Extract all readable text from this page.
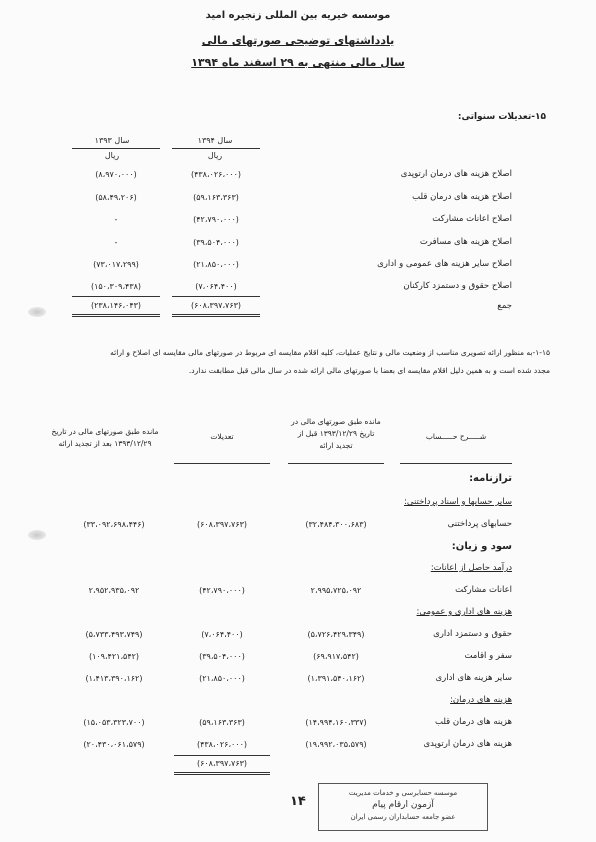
موسسه خیریه بین المللی زنجیره امید
یادداشتهای توضیحی صورتهای مالی
سال مالی منتهی به ۲۹ اسفند ماه ۱۳۹۴
۱۵-تعدیلات سنواتی:
سال ۱۳۹۴
ریال
سال ۱۳۹۳
ریال
اصلاح هزینه های درمان ارتوپدی
(۴۳۸،۰۲۶،۰۰۰)
(۸،۹۷۰،۰۰۰)
اصلاح هزینه های درمان قلب
(۵۹،۱۶۳،۳۶۳)
(۵۸،۴۹،۲۰۶)
اصلاح اعانات مشارکت
(۴۲،۷۹۰،۰۰۰)
-
اصلاح هزینه های مسافرت
(۳۹،۵۰۴،۰۰۰)
-
اصلاح سایر هزینه های عمومی و اداری
(۲۱،۸۵۰،۰۰۰)
(۷۳،۰۱۷،۲۹۹)
اصلاح حقوق و دستمزد کارکنان
(۷،۰۶۴،۴۰۰)
(۱۵۰،۳۰۹،۴۳۸)
جمع
(۶۰۸،۳۹۷،۷۶۳)
(۲۳۸،۱۴۶،۰۴۳)
۱-۱۵-به منظور ارائه تصویری مناسب از وضعیت مالی و نتایج عملیات، کلیه اقلام مقایسه ای مربوط در صورتهای مالی مقایسه ای اصلاح و ارائه
مجدد شده است و به همین دلیل اقلام مقایسه ای بعضا با صورتهای مالی ارائه شده در سال مالی قبل مطابقت ندارد.
شـــــرح حـــــساب
مانده طبق صورتهای مالی در تاریخ ۱۳۹۳/۱۲/۲۹ قبل از تجدید ارائه
تعدیلات
مانده طبق صورتهای مالی در تاریخ ۱۳۹۳/۱۲/۲۹ بعد از تجدید ارائه
ترازنامه:
سایر حسابها و اسناد پرداختنی:
حسابهای پرداختنی
(۳۲،۴۸۴،۳۰۰،۶۸۳)
(۶۰۸،۳۹۷،۷۶۳)
(۳۳،۰۹۲،۶۹۸،۴۴۶)
سود و زیان:
درآمد حاصل از اعانات:
اعانات مشارکت
۲،۹۹۵،۷۲۵،۰۹۲
(۴۲،۷۹۰،۰۰۰)
۲،۹۵۲،۹۳۵،۰۹۲
هزینه های اداری و عمومی:
حقوق و دستمزد اداری
(۵،۷۲۶،۴۲۹،۳۴۹)
(۷،۰۶۴،۴۰۰)
(۵،۷۳۳،۴۹۳،۷۴۹)
سفر و اقامت
(۶۹،۹۱۷،۵۴۲)
(۳۹،۵۰۴،۰۰۰)
(۱۰۹،۴۲۱،۵۴۲)
سایر هزینه های اداری
(۱،۳۹۱،۵۴۰،۱۶۲)
(۲۱،۸۵۰،۰۰۰)
(۱،۴۱۳،۳۹۰،۱۶۲)
هزینه های درمان:
هزینه های درمان قلب
(۱۴،۹۹۴،۱۶۰،۳۳۷)
(۵۹،۱۶۳،۳۶۳)
(۱۵،۰۵۳،۳۲۳،۷۰۰)
هزینه های درمان ارتوپدی
(۱۹،۹۹۲،۰۳۵،۵۷۹)
(۴۳۸،۰۲۶،۰۰۰)
(۲۰،۴۳۰،۰۶۱،۵۷۹)
(۶۰۸،۳۹۷،۷۶۳)
۱۴
موسسه حسابرسی و خدمات مدیریت
آزمون ارقام پیام
عضو جامعه حسابداران رسمی ایران
